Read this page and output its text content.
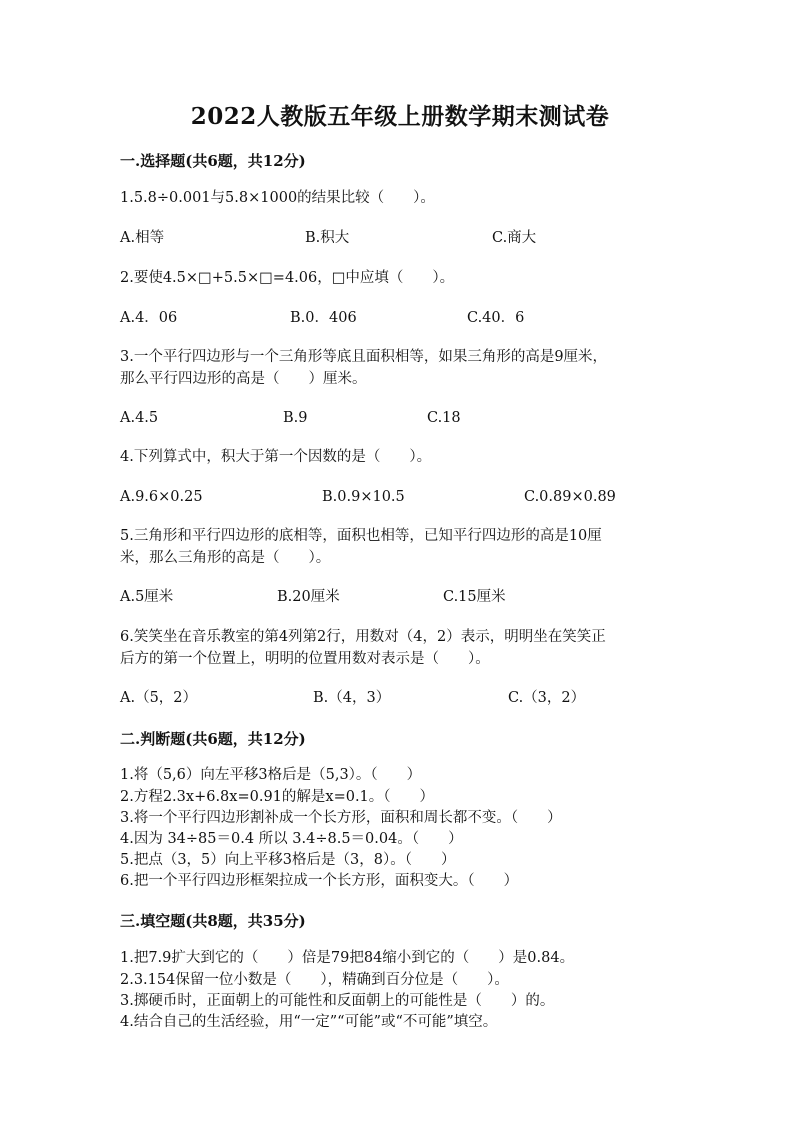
2022人教版五年级上册数学期末测试卷
一.选择题(共6题，共12分)
1.5.8÷0.001与5.8×1000的结果比较（　　）。
A.相等	B.积大	C.商大
2.要使4.5×□+5.5×□=4.06，□中应填（　　）。
A.4．06	B.0．406	C.40．6
3.一个平行四边形与一个三角形等底且面积相等，如果三角形的高是9厘米，
那么平行四边形的高是（　　）厘米。
A.4.5	B.9	C.18
4.下列算式中，积大于第一个因数的是（　　）。
A.9.6×0.25	B.0.9×10.5	C.0.89×0.89
5.三角形和平行四边形的底相等，面积也相等，已知平行四边形的高是10厘
米，那么三角形的高是（　　）。
A.5厘米	B.20厘米	C.15厘米
6.笑笑坐在音乐教室的第4列第2行，用数对（4，2）表示，明明坐在笑笑正
后方的第一个位置上，明明的位置用数对表示是（　　）。
A.（5，2）	B.（4，3）	C.（3，2）
二.判断题(共6题，共12分)
1.将（5,6）向左平移3格后是（5,3）。（　　）
2.方程2.3x+6.8x=0.91的解是x=0.1。（　　）
3.将一个平行四边形割补成一个长方形，面积和周长都不变。（　　）
4.因为 34÷85＝0.4 所以 3.4÷8.5＝0.04。（　　）
5.把点（3，5）向上平移3格后是（3，8）。（　　）
6.把一个平行四边形框架拉成一个长方形，面积变大。（　　）
三.填空题(共8题，共35分)
1.把7.9扩大到它的（　　）倍是79把84缩小到它的（　　）是0.84。
2.3.154保留一位小数是（　　），精确到百分位是（　　）。
3.掷硬币时，正面朝上的可能性和反面朝上的可能性是（　　）的。
4.结合自己的生活经验，用“一定”“可能”或“不可能”填空。
